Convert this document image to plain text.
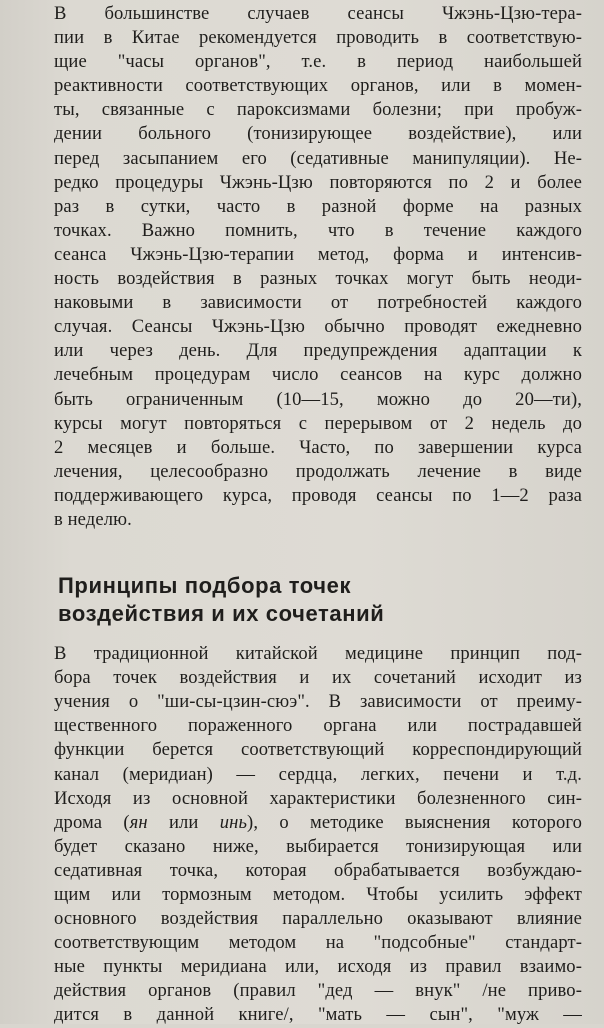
В большинстве случаев сеансы Чжэнь-Цзю-тера-
пии в Китае рекомендуется проводить в соответствую-
щие "часы органов", т.е. в период наибольшей
реактивности соответствующих органов, или в момен-
ты, связанные с пароксизмами болезни; при пробуж-
дении больного (тонизирующее воздействие), или
перед засыпанием его (седативные манипуляции). Не-
редко процедуры Чжэнь-Цзю повторяются по 2 и более
раз в сутки, часто в разной форме на разных
точках. Важно помнить, что в течение каждого
сеанса Чжэнь-Цзю-терапии метод, форма и интенсив-
ность воздействия в разных точках могут быть неоди-
наковыми в зависимости от потребностей каждого
случая. Сеансы Чжэнь-Цзю обычно проводят ежедневно
или через день. Для предупреждения адаптации к
лечебным процедурам число сеансов на курс должно
быть ограниченным (10—15, можно до 20—ти),
курсы могут повторяться с перерывом от 2 недель до
2 месяцев и больше. Часто, по завершении курса
лечения, целесообразно продолжать лечение в виде
поддерживающего курса, проводя сеансы по 1—2 раза
в неделю.
Принципы подбора точек
воздействия и их сочетаний
В традиционной китайской медицине принцип под-
бора точек воздействия и их сочетаний исходит из
учения о "ши-сы-цзин-сюэ". В зависимости от преиму-
щественного пораженного органа или пострадавшей
функции берется соответствующий корреспондирующий
канал (меридиан) — сердца, легких, печени и т.д.
Исходя из основной характеристики болезненного син-
дрома (ян или инь), о методике выяснения которого
будет сказано ниже, выбирается тонизирующая или
седативная точка, которая обрабатывается возбуждаю-
щим или тормозным методом. Чтобы усилить эффект
основного воздействия параллельно оказывают влияние
соответствующим методом на "подсобные" стандарт-
ные пункты меридиана или, исходя из правил взаимо-
действия органов (правил "дед — внук" /не приво-
дится в данной книге/, "мать — сын", "муж —
